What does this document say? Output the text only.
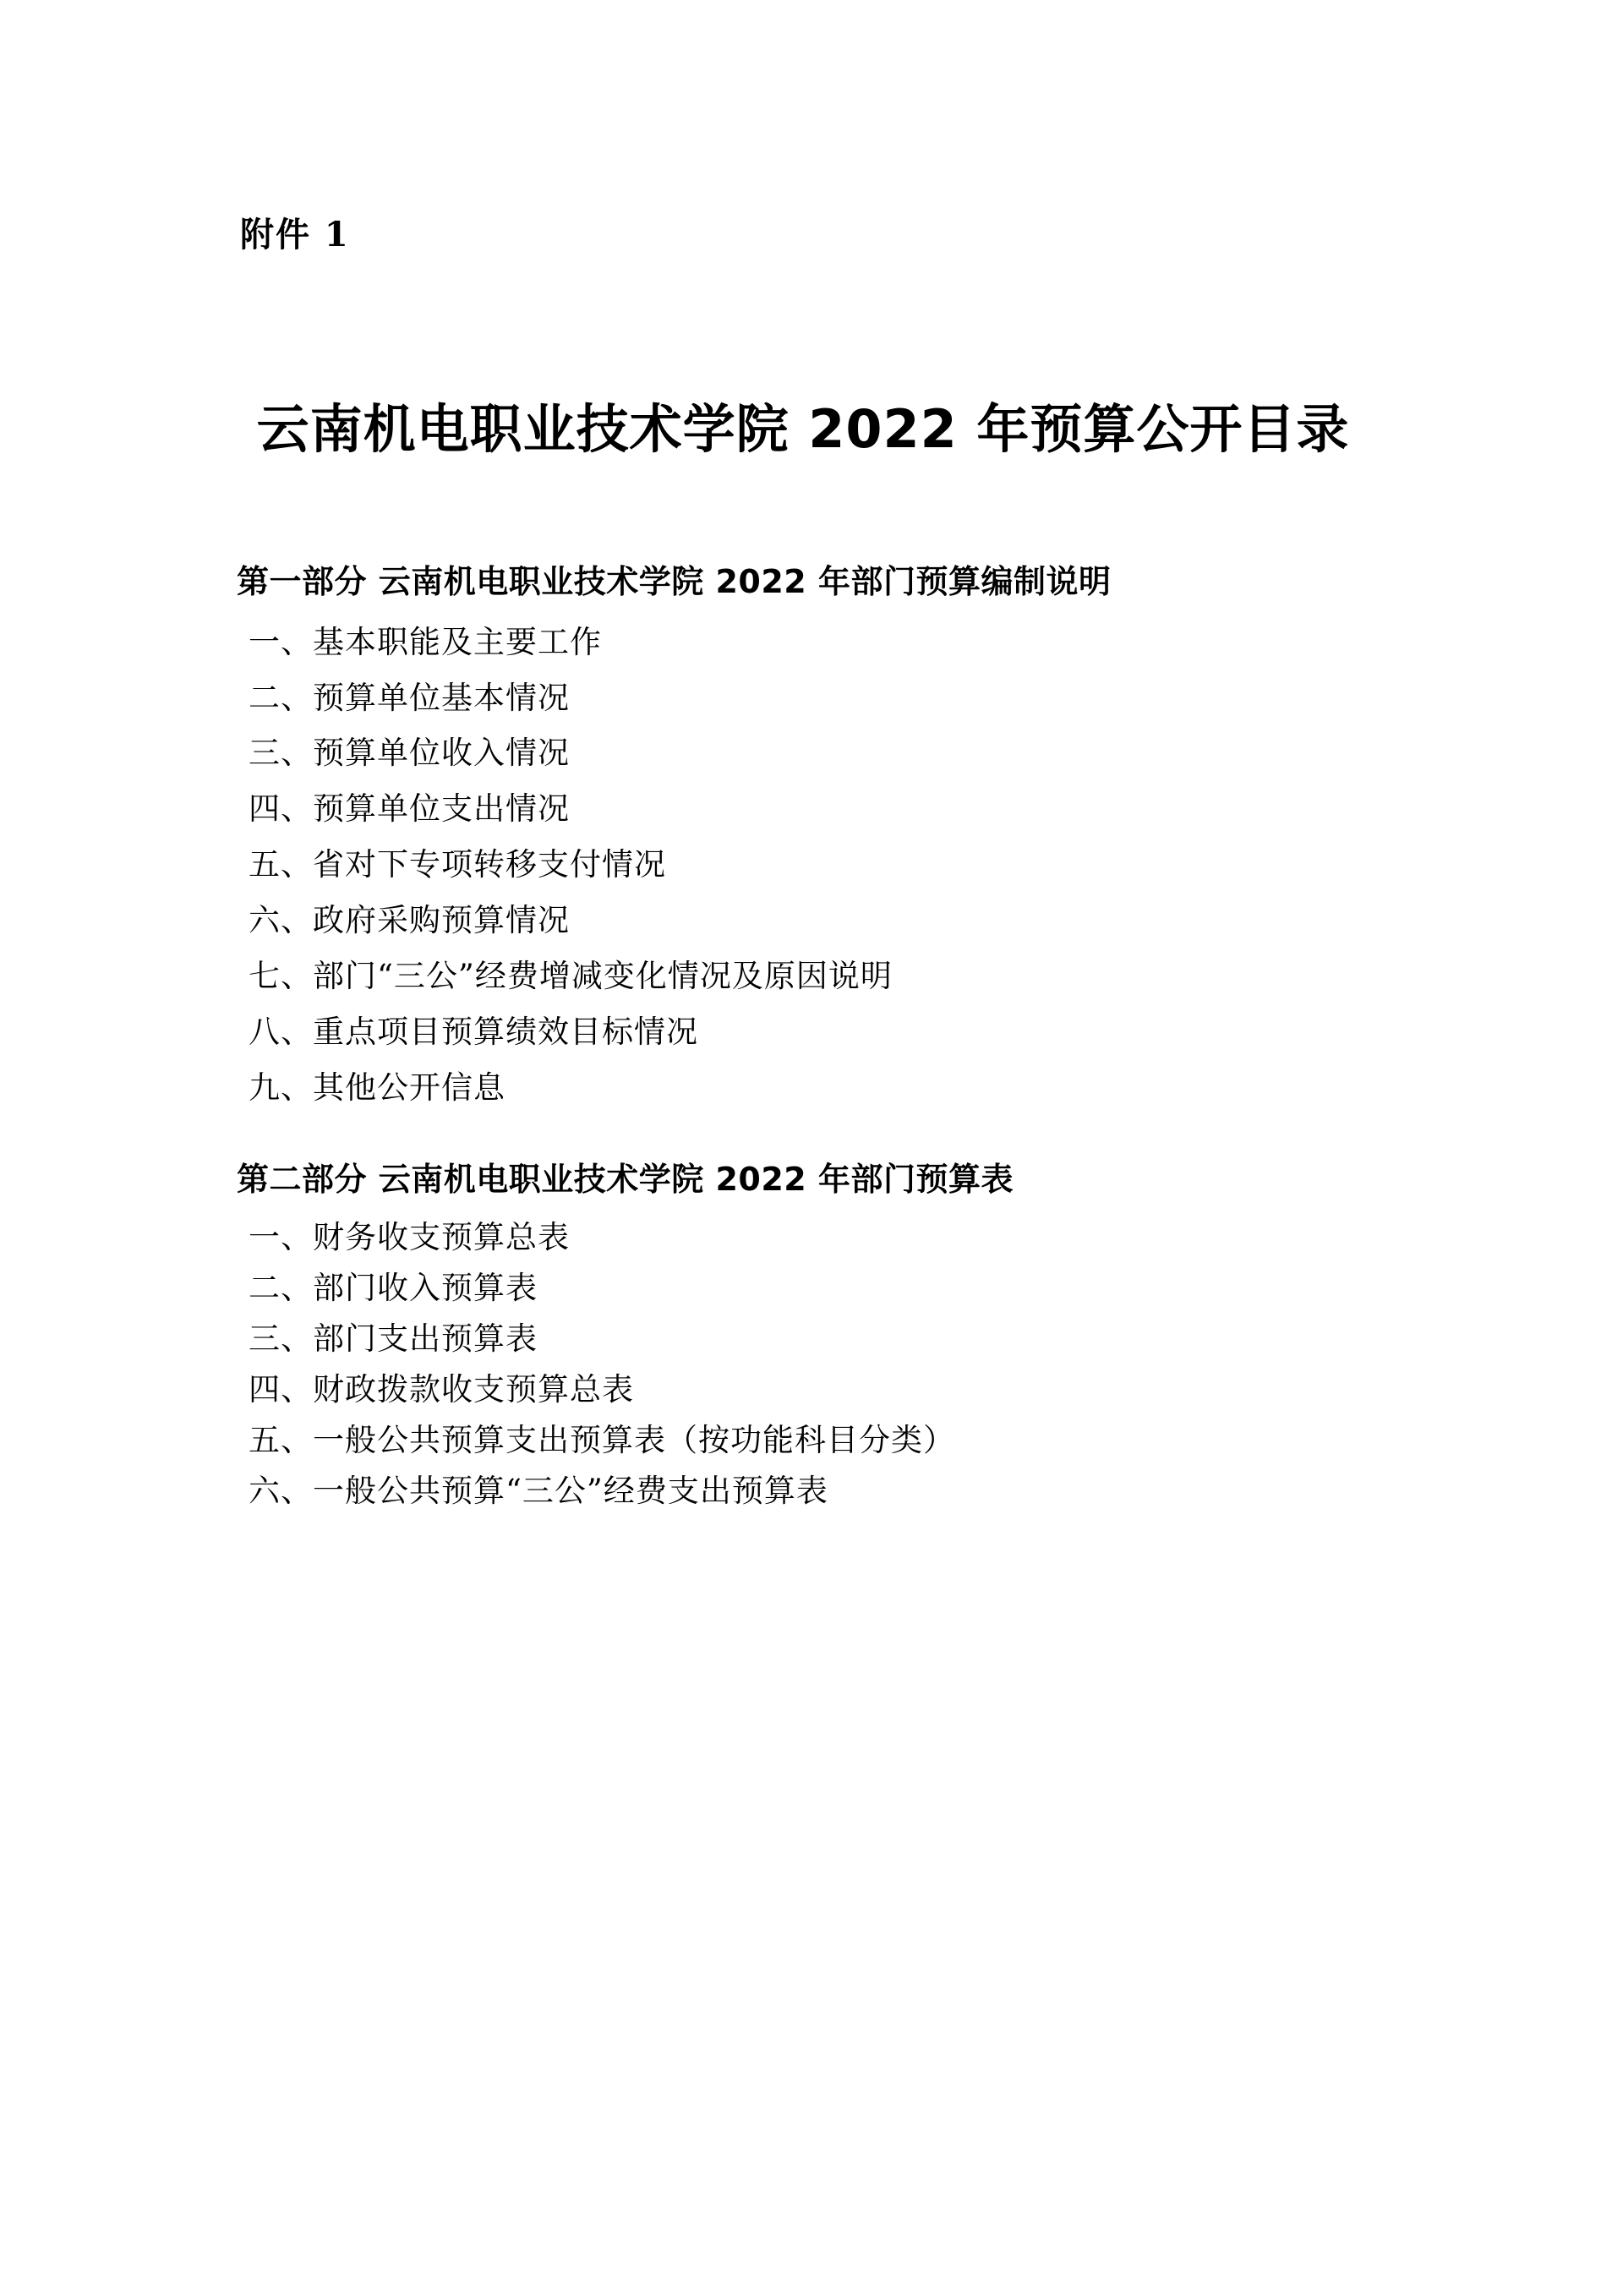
附件 1
云南机电职业技术学院 2022 年预算公开目录
第一部分 云南机电职业技术学院 2022 年部门预算编制说明
一、基本职能及主要工作
二、预算单位基本情况
三、预算单位收入情况
四、预算单位支出情况
五、省对下专项转移支付情况
六、政府采购预算情况
七、部门“三公”经费增减变化情况及原因说明
八、重点项目预算绩效目标情况
九、其他公开信息
第二部分 云南机电职业技术学院 2022 年部门预算表
一、财务收支预算总表
二、部门收入预算表
三、部门支出预算表
四、财政拨款收支预算总表
五、一般公共预算支出预算表（按功能科目分类）
六、一般公共预算“三公”经费支出预算表
